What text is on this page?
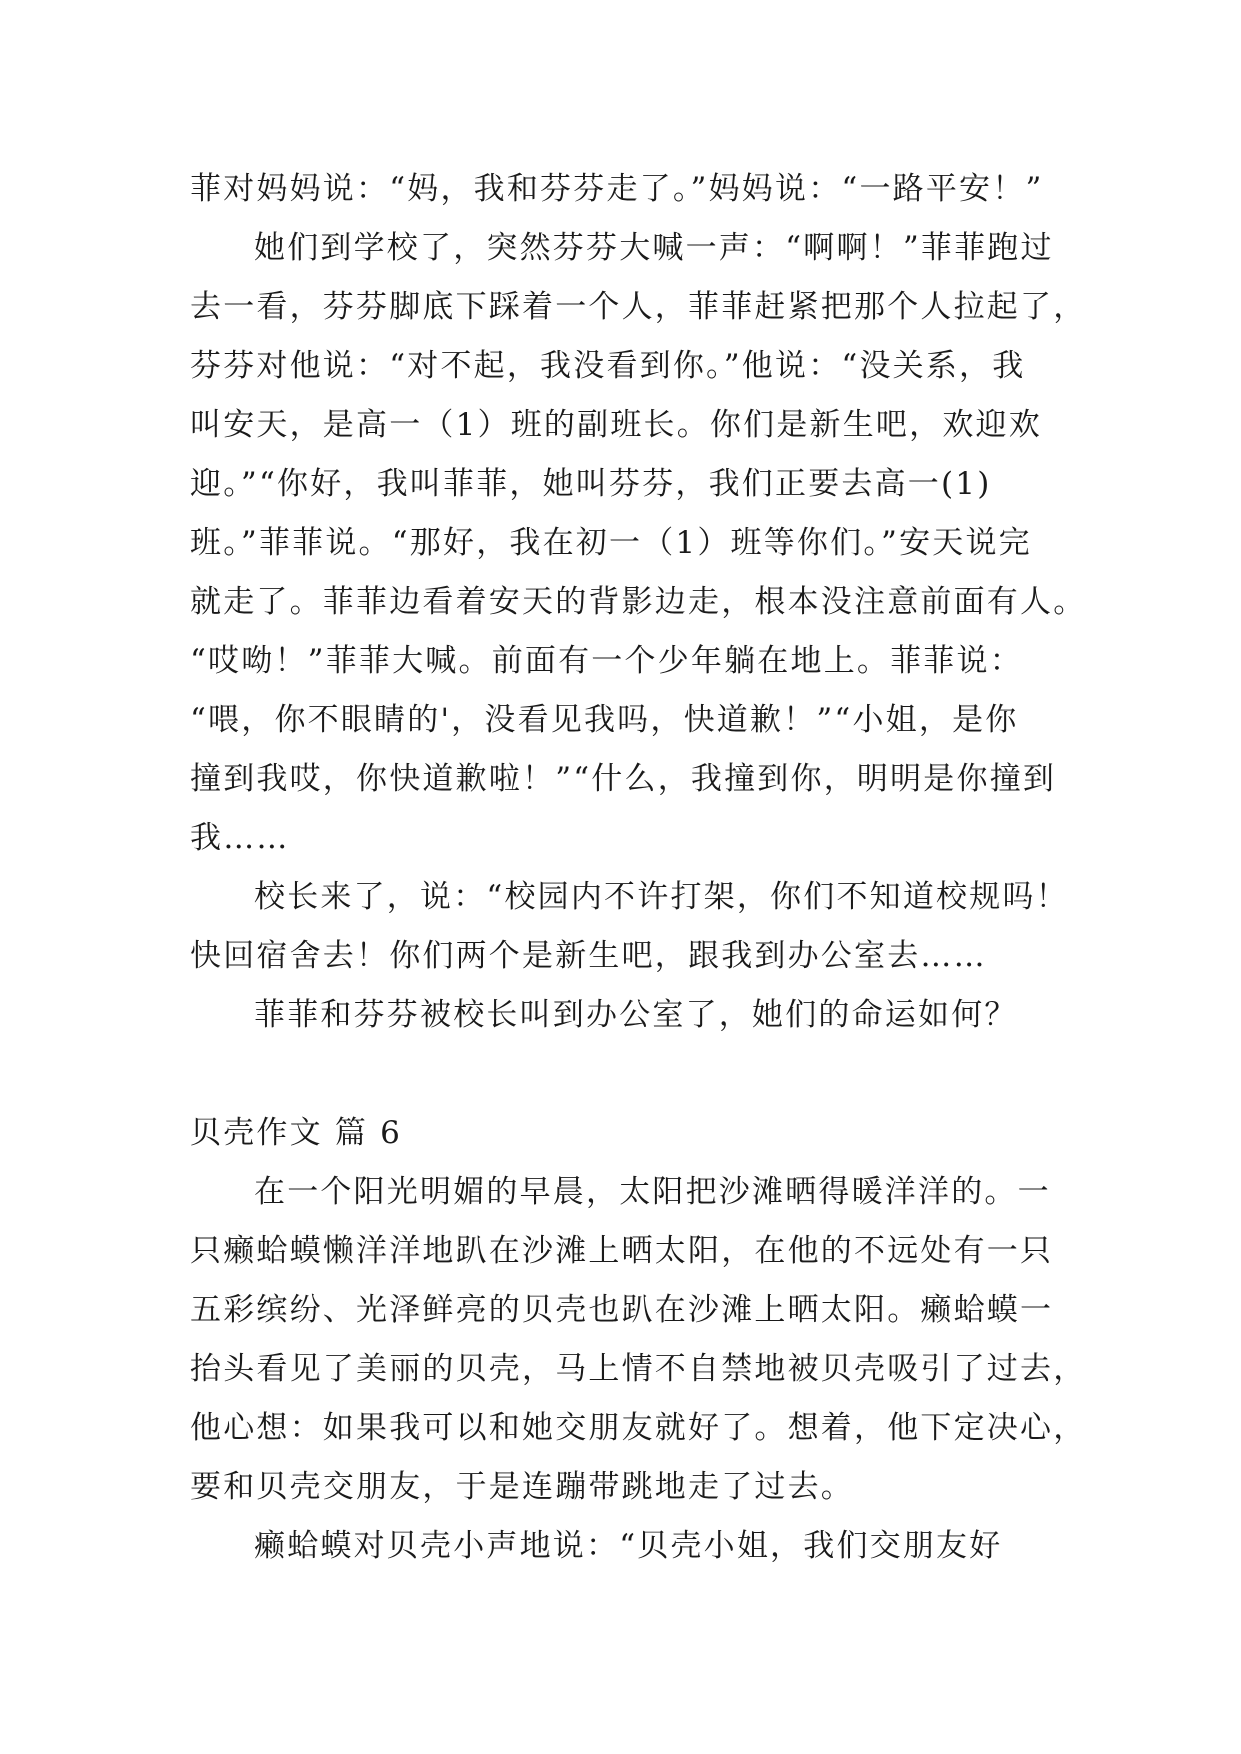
菲对妈妈说：“妈，我和芬芬走了。”妈妈说：“一路平安！”
她们到学校了，突然芬芬大喊一声：“啊啊！”菲菲跑过
去一看，芬芬脚底下踩着一个人，菲菲赶紧把那个人拉起了，
芬芬对他说：“对不起，我没看到你。”他说：“没关系，我
叫安天，是高一（1）班的副班长。你们是新生吧，欢迎欢
迎。”“你好，我叫菲菲，她叫芬芬，我们正要去高一(1)
班。”菲菲说。“那好，我在初一（1）班等你们。”安天说完
就走了。菲菲边看着安天的背影边走，根本没注意前面有人。
“哎呦！”菲菲大喊。前面有一个少年躺在地上。菲菲说：
“喂，你不眼睛的'，没看见我吗，快道歉！”“小姐，是你
撞到我哎，你快道歉啦！”“什么，我撞到你，明明是你撞到
我……
校长来了，说：“校园内不许打架，你们不知道校规吗！
快回宿舍去！你们两个是新生吧，跟我到办公室去……
菲菲和芬芬被校长叫到办公室了，她们的命运如何？
贝壳作文 篇 6
在一个阳光明媚的早晨，太阳把沙滩晒得暖洋洋的。一
只癞蛤蟆懒洋洋地趴在沙滩上晒太阳，在他的不远处有一只
五彩缤纷、光泽鲜亮的贝壳也趴在沙滩上晒太阳。癞蛤蟆一
抬头看见了美丽的贝壳，马上情不自禁地被贝壳吸引了过去，
他心想：如果我可以和她交朋友就好了。想着，他下定决心，
要和贝壳交朋友，于是连蹦带跳地走了过去。
癞蛤蟆对贝壳小声地说：“贝壳小姐，我们交朋友好
